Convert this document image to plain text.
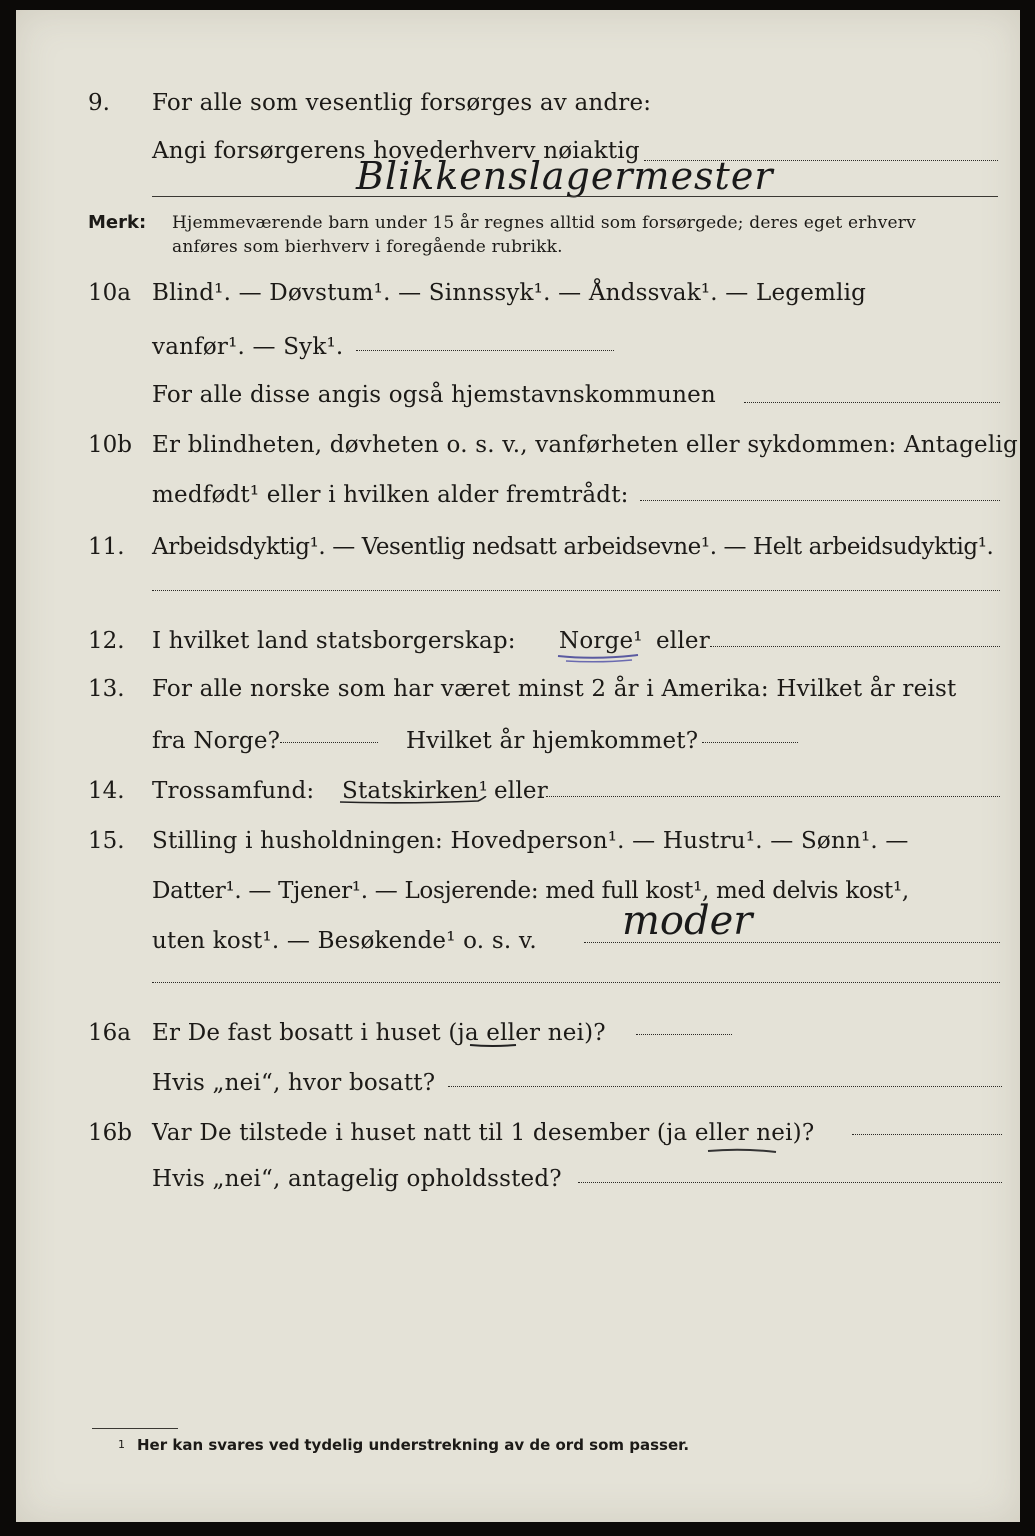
9. For alle som vesentlig forsørges av andre:
Angi forsørgerens hovederhverv nøiaktig
Blikkenslagermester
Merk: Hjemmeværende barn under 15 år regnes alltid som forsørgede; deres eget erhverv
anføres som bierhverv i foregående rubrikk.
10a Blind¹. — Døvstum¹. — Sinnssyk¹. — Åndssvak¹. — Legemlig
vanfør¹. — Syk¹.
For alle disse angis også hjemstavnskommunen
10b Er blindheten, døvheten o. s. v., vanførheten eller sykdommen: Antagelig
medfødt¹ eller i hvilken alder fremtrådt:
11. Arbeidsdyktig¹. — Vesentlig nedsatt arbeidsevne¹. — Helt arbeidsudyktig¹.
12. I hvilket land statsborgerskap: Norge¹ eller
13. For alle norske som har været minst 2 år i Amerika: Hvilket år reist
fra Norge?	Hvilket år hjemkommet?
14. Trossamfund: Statskirken¹ eller
15. Stilling i husholdningen: Hovedperson¹. — Hustru¹. — Sønn¹. —
Datter¹. — Tjener¹. — Losjerende: med full kost¹, med delvis kost¹,
uten kost¹. — Besøkende¹ o. s. v. moder
16a Er De fast bosatt i huset (ja eller nei)?
Hvis „nei“, hvor bosatt?
16b Var De tilstede i huset natt til 1 desember (ja eller nei)?
Hvis „nei“, antagelig opholdssted?
1 Her kan svares ved tydelig understrekning av de ord som passer.
